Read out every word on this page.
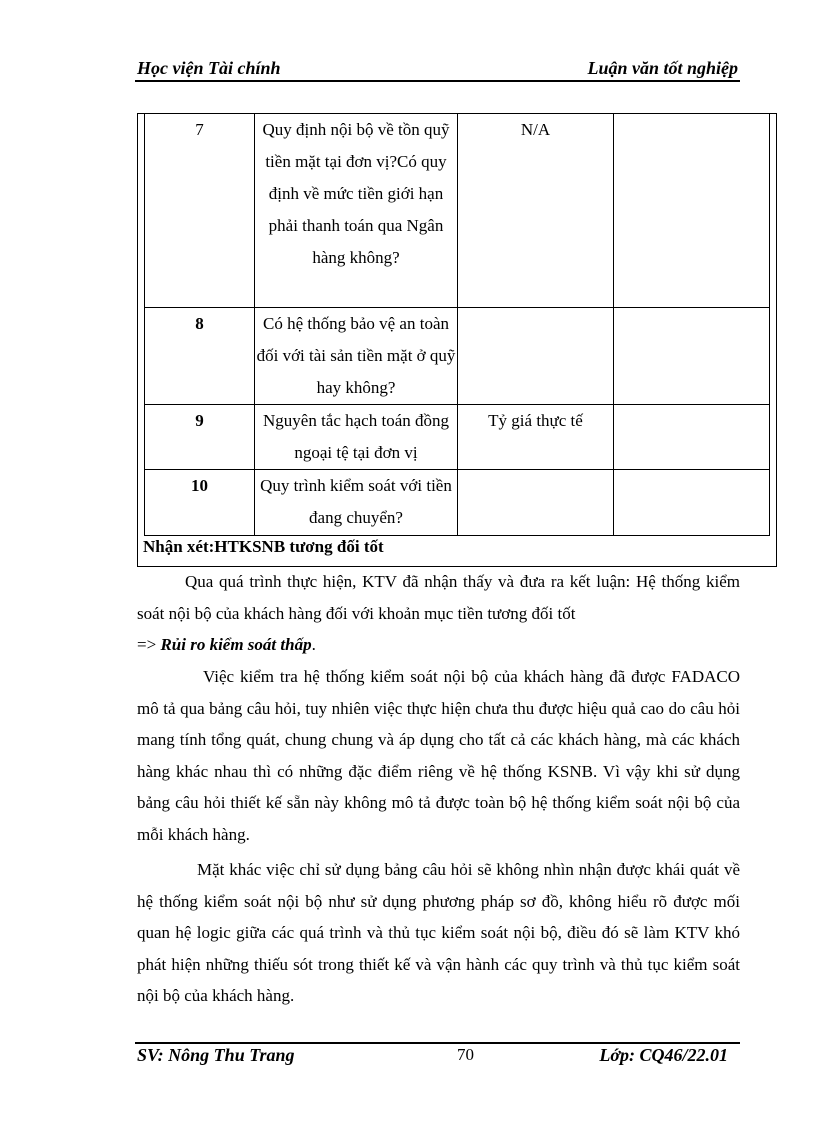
Học viện Tài chính	Luận văn tốt nghiệp
7	Quy định nội bộ về tồn quỹ tiền mặt tại đơn vị?Có quy định về mức tiền giới hạn phải thanh toán qua Ngân hàng không?	N/A	
8	Có hệ thống bảo vệ an toàn đối với tài sản tiền mặt ở quỹ hay không?		
9	Nguyên tắc hạch toán đồng ngoại tệ tại đơn vị	Tỷ giá thực tế	
10	Quy trình kiểm soát với tiền đang chuyển?		
Nhận xét:HTKSNB tương đối tốt

Qua quá trình thực hiện, KTV đã nhận thấy và đưa ra kết luận: Hệ thống kiểm soát nội bộ của khách hàng đối với khoản mục tiền tương đối tốt
=> Rủi ro kiểm soát thấp.

Việc kiểm tra hệ thống kiểm soát nội bộ của khách hàng đã được FADACO mô tả qua bảng câu hỏi, tuy nhiên việc thực hiện chưa thu được hiệu quả cao do câu hỏi mang tính tổng quát, chung chung và áp dụng cho tất cả các khách hàng, mà các khách hàng khác nhau thì có những đặc điểm riêng về hệ thống KSNB. Vì vậy khi sử dụng bảng câu hỏi thiết kế sẵn này không mô tả được toàn bộ hệ thống kiểm soát nội bộ của mỗi khách hàng.

Mặt khác việc chỉ sử dụng bảng câu hỏi sẽ không nhìn nhận được khái quát về hệ thống kiểm soát nội bộ như sử dụng phương pháp sơ đồ, không hiểu rõ được mối quan hệ logic giữa các quá trình và thủ tục kiểm soát nội bộ, điều đó sẽ làm KTV khó phát hiện những thiếu sót trong thiết kế và vận hành các quy trình và thủ tục kiểm soát nội bộ của khách hàng.

SV: Nông Thu Trang	70	Lớp: CQ46/22.01
